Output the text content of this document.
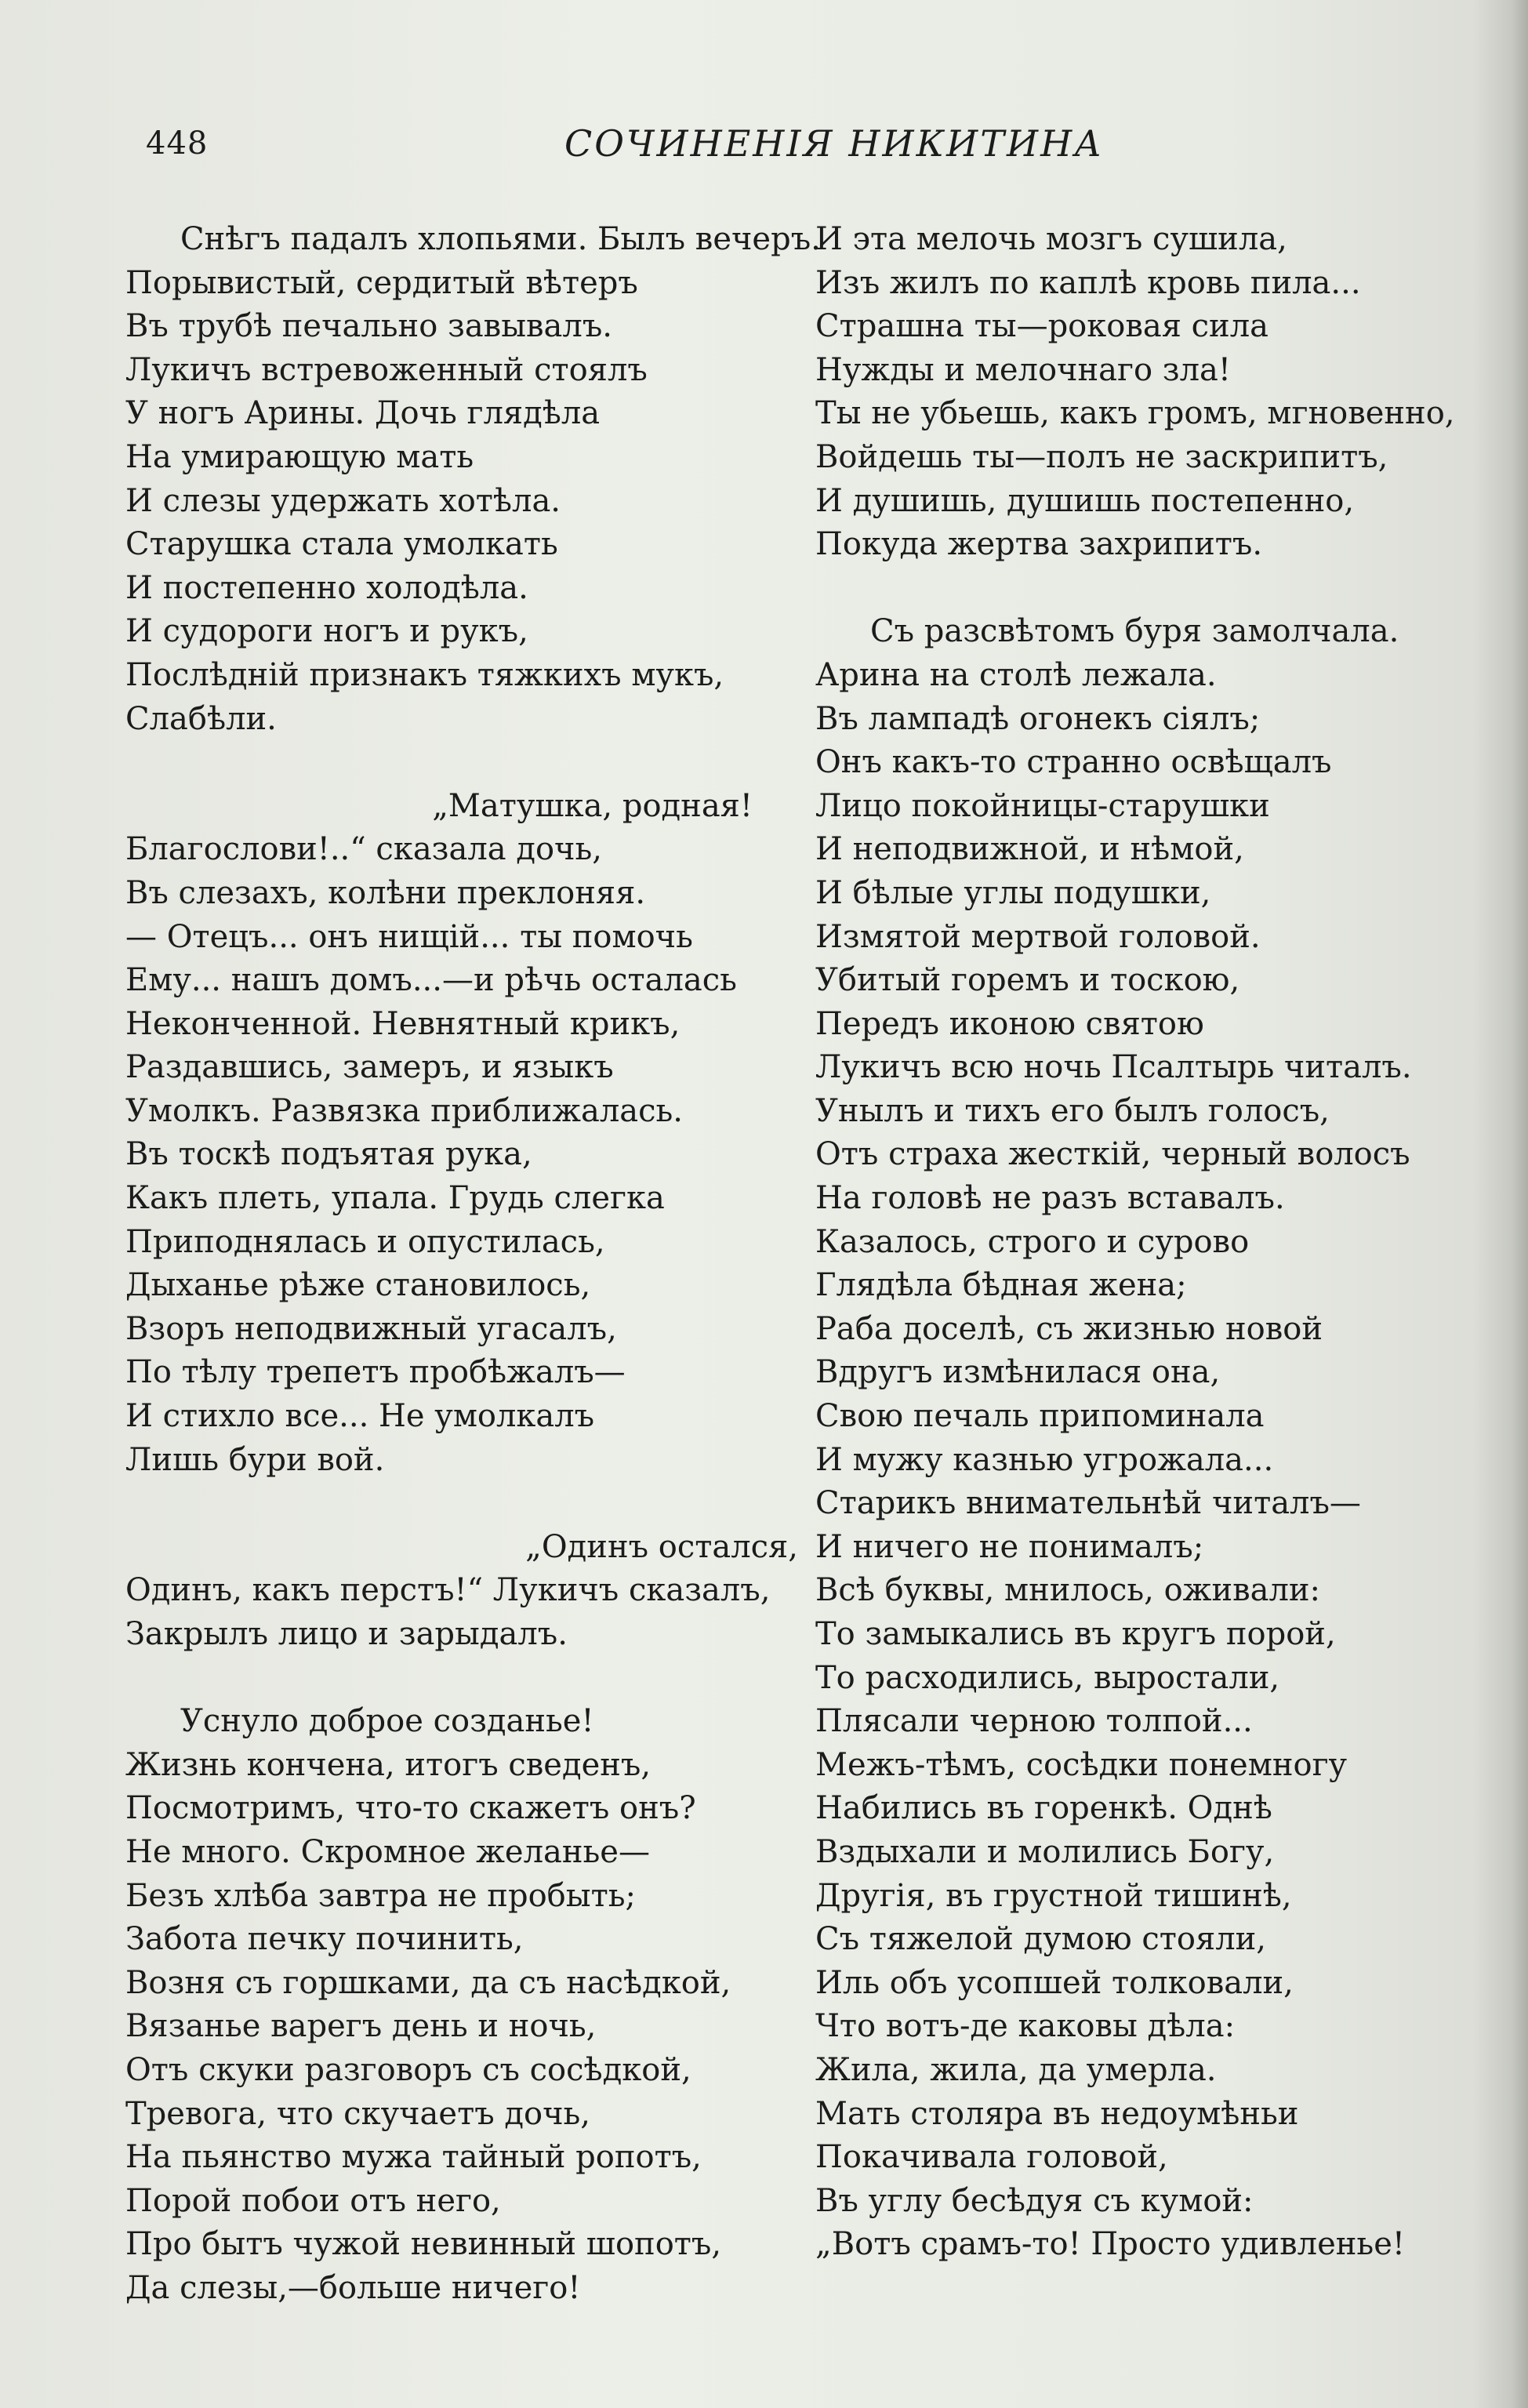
448	СОЧИНЕНІЯ НИКИТИНА
Снѣгъ падалъ хлопьями. Былъ вечеръ.
Порывистый, сердитый вѣтеръ
Въ трубѣ печально завывалъ.
Лукичъ встревоженный стоялъ
У ногъ Арины. Дочь глядѣла
На умирающую мать
И слезы удержать хотѣла.
Старушка стала умолкать
И постепенно холодѣла.
И судороги ногъ и рукъ,
Послѣдній признакъ тяжкихъ мукъ,
Слабѣли.
„Матушка, родная!
Благослови!..“ сказала дочь,
Въ слезахъ, колѣни преклоняя.
— Отецъ... онъ нищій... ты помочь
Ему... нашъ домъ...—и рѣчь осталась
Неконченной. Невнятный крикъ,
Раздавшись, замеръ, и языкъ
Умолкъ. Развязка приближалась.
Въ тоскѣ подъятая рука,
Какъ плеть, упала. Грудь слегка
Приподнялась и опустилась,
Дыханье рѣже становилось,
Взоръ неподвижный угасалъ,
По тѣлу трепетъ пробѣжалъ—
И стихло все... Не умолкалъ
Лишь бури вой.
„Одинъ остался,
Одинъ, какъ перстъ!“ Лукичъ сказалъ,
Закрылъ лицо и зарыдалъ.
Уснуло доброе созданье!
Жизнь кончена, итогъ сведенъ,
Посмотримъ, что-то скажетъ онъ?
Не много. Скромное желанье—
Безъ хлѣба завтра не пробыть;
Забота печку починить,
Возня съ горшками, да съ насѣдкой,
Вязанье варегъ день и ночь,
Отъ скуки разговоръ съ сосѣдкой,
Тревога, что скучаетъ дочь,
На пьянство мужа тайный ропотъ,
Порой побои отъ него,
Про бытъ чужой невинный шопотъ,
Да слезы,—больше ничего!
И эта мелочь мозгъ сушила,
Изъ жилъ по каплѣ кровь пила...
Страшна ты—роковая сила
Нужды и мелочнаго зла!
Ты не убьешь, какъ громъ, мгновенно,
Войдешь ты—полъ не заскрипитъ,
И душишь, душишь постепенно,
Покуда жертва захрипитъ.
Съ разсвѣтомъ буря замолчала.
Арина на столѣ лежала.
Въ лампадѣ огонекъ сіялъ;
Онъ какъ-то странно освѣщалъ
Лицо покойницы-старушки
И неподвижной, и нѣмой,
И бѣлые углы подушки,
Измятой мертвой головой.
Убитый горемъ и тоскою,
Передъ иконою святою
Лукичъ всю ночь Псалтырь читалъ.
Унылъ и тихъ его былъ голосъ,
Отъ страха жесткій, черный волосъ
На головѣ не разъ вставалъ.
Казалось, строго и сурово
Глядѣла бѣдная жена;
Раба доселѣ, съ жизнью новой
Вдругъ измѣнилася она,
Свою печаль припоминала
И мужу казнью угрожала...
Старикъ внимательнѣй читалъ—
И ничего не понималъ;
Всѣ буквы, мнилось, оживали:
То замыкались въ кругъ порой,
То расходились, выростали,
Плясали черною толпой...
Межъ-тѣмъ, сосѣдки понемногу
Набились въ горенкѣ. Однѣ
Вздыхали и молились Богу,
Другія, въ грустной тишинѣ,
Съ тяжелой думою стояли,
Иль объ усопшей толковали,
Что вотъ-де каковы дѣла:
Жила, жила, да умерла.
Мать столяра въ недоумѣньи
Покачивала головой,
Въ углу бесѣдуя съ кумой:
„Вотъ срамъ-то! Просто удивленье!
